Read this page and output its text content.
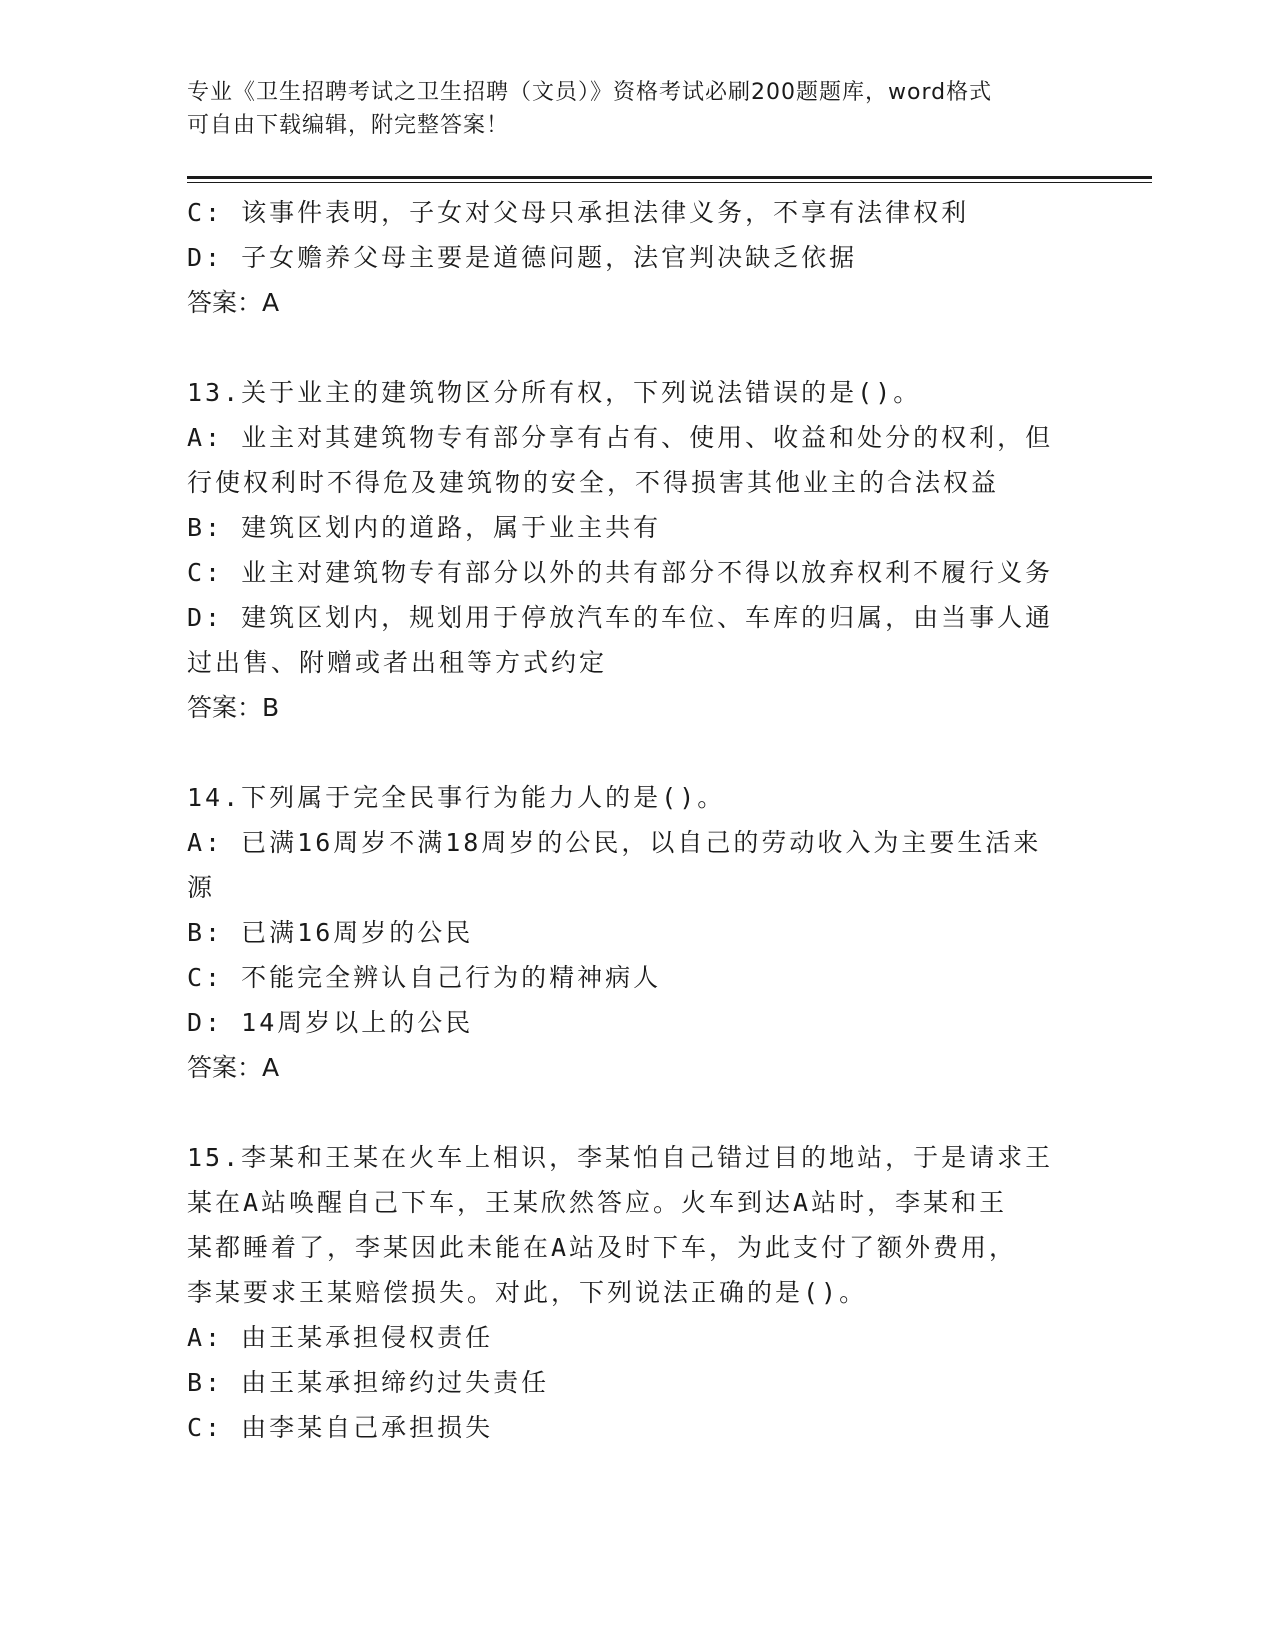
专业《卫生招聘考试之卫生招聘（文员）》资格考试必刷200题题库，word格式
可自由下载编辑，附完整答案！

C: 该事件表明，子女对父母只承担法律义务，不享有法律权利

D: 子女赡养父母主要是道德问题，法官判决缺乏依据

答案：A

13.关于业主的建筑物区分所有权，下列说法错误的是()。

A: 业主对其建筑物专有部分享有占有、使用、收益和处分的权利，但

行使权利时不得危及建筑物的安全，不得损害其他业主的合法权益

B: 建筑区划内的道路，属于业主共有

C: 业主对建筑物专有部分以外的共有部分不得以放弃权利不履行义务

D: 建筑区划内，规划用于停放汽车的车位、车库的归属，由当事人通

过出售、附赠或者出租等方式约定

答案：B

14.下列属于完全民事行为能力人的是()。

A: 已满16周岁不满18周岁的公民，以自己的劳动收入为主要生活来

源

B: 已满16周岁的公民

C: 不能完全辨认自己行为的精神病人

D: 14周岁以上的公民

答案：A

15.李某和王某在火车上相识，李某怕自己错过目的地站，于是请求王

某在A站唤醒自己下车，王某欣然答应。火车到达A站时，李某和王

某都睡着了，李某因此未能在A站及时下车，为此支付了额外费用，

李某要求王某赔偿损失。对此，下列说法正确的是()。

A: 由王某承担侵权责任

B: 由王某承担缔约过失责任

C: 由李某自己承担损失
